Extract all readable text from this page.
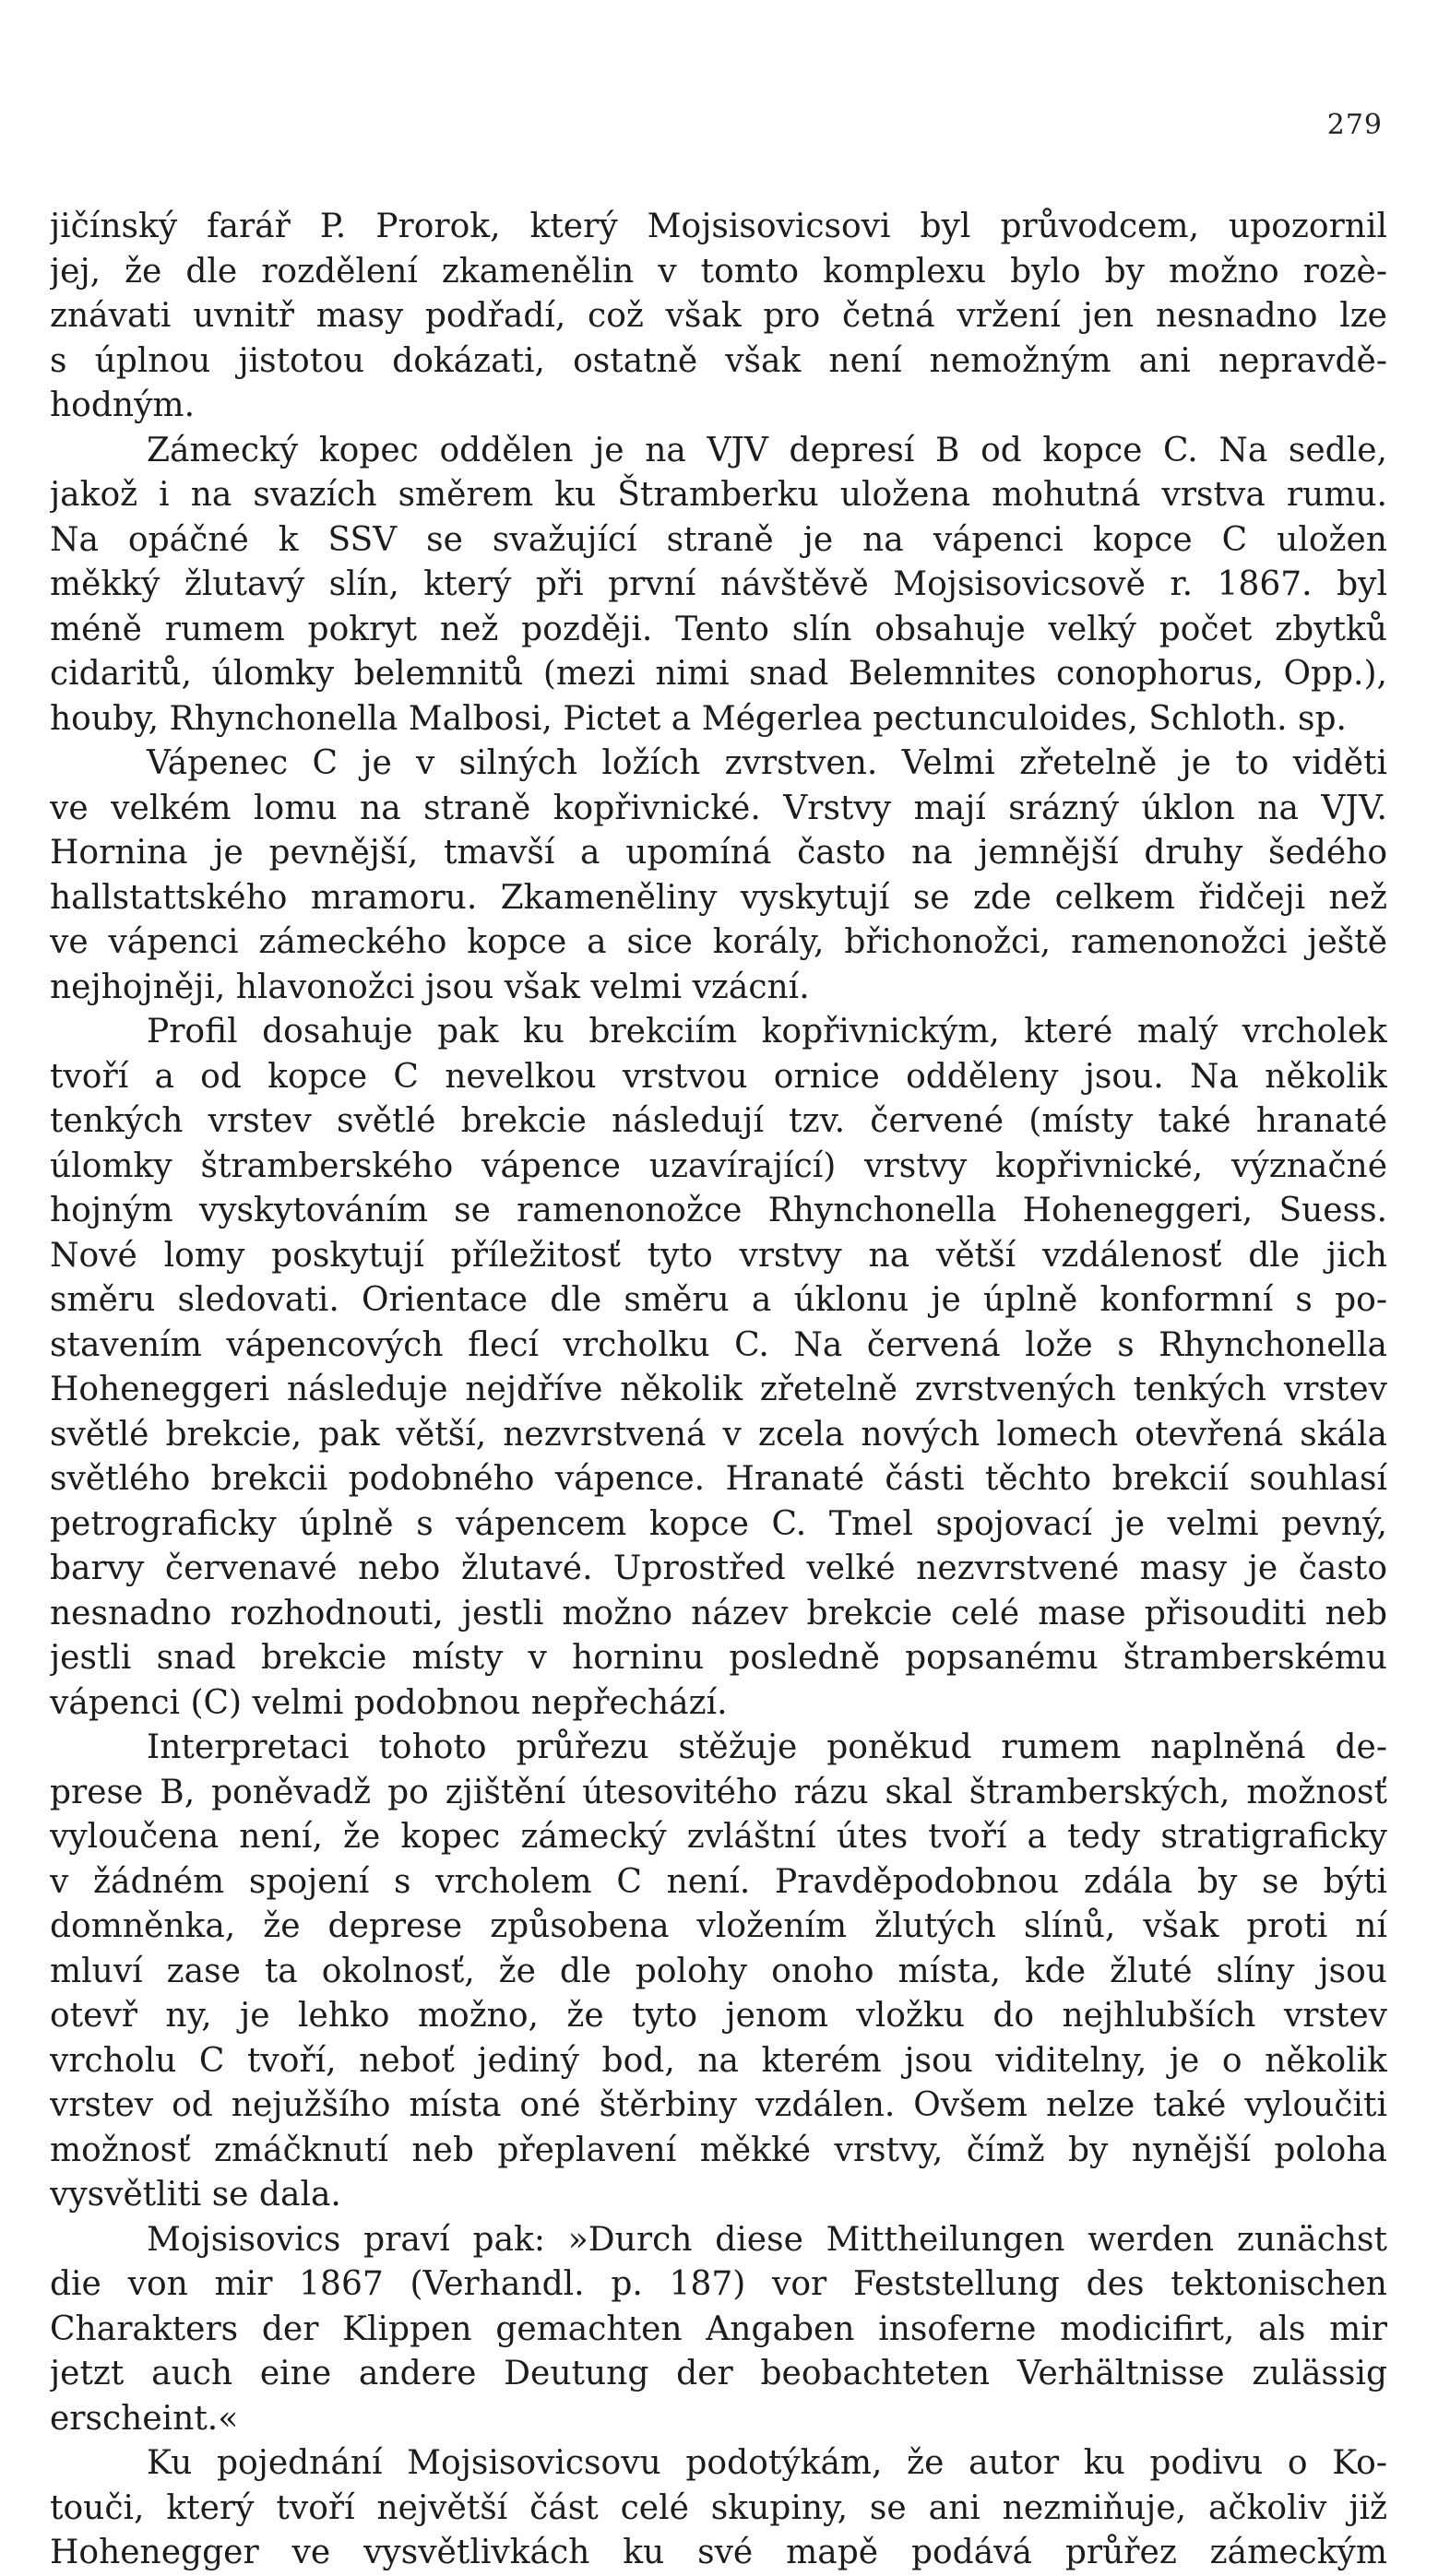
279
jičínský farář P. Prorok, který Mojsisovicsovi byl průvodcem, upozornil
jej, že dle rozdělení zkamenělin v tomto komplexu bylo by možno rozè-
znávati uvnitř masy podřadí, což však pro četná vržení jen nesnadno lze
s úplnou jistotou dokázati, ostatně však není nemožným ani nepravdě-
hodným.
Zámecký kopec oddělen je na VJV depresí B od kopce C. Na sedle,
jakož i na svazích směrem ku Štramberku uložena mohutná vrstva rumu.
Na opáčné k SSV se svažující straně je na vápenci kopce C uložen
měkký žlutavý slín, který při první návštěvě Mojsisovicsově r. 1867. byl
méně rumem pokryt než později. Tento slín obsahuje velký počet zbytků
cidaritů, úlomky belemnitů (mezi nimi snad Belemnites conophorus, Opp.),
houby, Rhynchonella Malbosi, Pictet a Mégerlea pectunculoides, Schloth. sp.
Vápenec C je v silných ložích zvrstven. Velmi zřetelně je to viděti
ve velkém lomu na straně kopřivnické. Vrstvy mají srázný úklon na VJV.
Hornina je pevnější, tmavší a upomíná často na jemnější druhy šedého
hallstattského mramoru. Zkameněliny vyskytují se zde celkem řidčeji než
ve vápenci zámeckého kopce a sice korály, břichonožci, ramenonožci ještě
nejhojněji, hlavonožci jsou však velmi vzácní.
Profil dosahuje pak ku brekciím kopřivnickým, které malý vrcholek
tvoří a od kopce C nevelkou vrstvou ornice odděleny jsou. Na několik
tenkých vrstev světlé brekcie následují tzv. červené (místy také hranaté
úlomky štramberského vápence uzavírající) vrstvy kopřivnické, význačné
hojným vyskytováním se ramenonožce Rhynchonella Hoheneggeri, Suess.
Nové lomy poskytují příležitosť tyto vrstvy na větší vzdálenosť dle jich
směru sledovati. Orientace dle směru a úklonu je úplně konformní s po-
stavením vápencových flecí vrcholku C. Na červená lože s Rhynchonella
Hoheneggeri následuje nejdříve několik zřetelně zvrstvených tenkých vrstev
světlé brekcie, pak větší, nezvrstvená v zcela nových lomech otevřená skála
světlého brekcii podobného vápence. Hranaté části těchto brekcií souhlasí
petrograficky úplně s vápencem kopce C. Tmel spojovací je velmi pevný,
barvy červenavé nebo žlutavé. Uprostřed velké nezvrstvené masy je často
nesnadno rozhodnouti, jestli možno název brekcie celé mase přisouditi neb
jestli snad brekcie místy v horninu posledně popsanému štramberskému
vápenci (C) velmi podobnou nepřechází.
Interpretaci tohoto průřezu stěžuje poněkud rumem naplněná de-
prese B, poněvadž po zjištění útesovitého rázu skal štramberských, možnosť
vyloučena není, že kopec zámecký zvláštní útes tvoří a tedy stratigraficky
v žádném spojení s vrcholem C není. Pravděpodobnou zdála by se býti
domněnka, že deprese způsobena vložením žlutých slínů, však proti ní
mluví zase ta okolnosť, že dle polohy onoho místa, kde žluté slíny jsou
otevř ny, je lehko možno, že tyto jenom vložku do nejhlubších vrstev
vrcholu C tvoří, neboť jediný bod, na kterém jsou viditelny, je o několik
vrstev od nejužšího místa oné štěrbiny vzdálen. Ovšem nelze také vyloučiti
možnosť zmáčknutí neb přeplavení měkké vrstvy, čímž by nynější poloha
vysvětliti se dala.
Mojsisovics praví pak: »Durch diese Mittheilungen werden zunächst
die von mir 1867 (Verhandl. p. 187) vor Feststellung des tektonischen
Charakters der Klippen gemachten Angaben insoferne modicifirt, als mir
jetzt auch eine andere Deutung der beobachteten Verhältnisse zulässig
erscheint.«
Ku pojednání Mojsisovicsovu podotýkám, že autor ku podivu o Ko-
touči, který tvoří největší část celé skupiny, se ani nezmiňuje, ačkoliv již
Hohenegger ve vysvětlivkách ku své mapě podává průřez zámeckým
